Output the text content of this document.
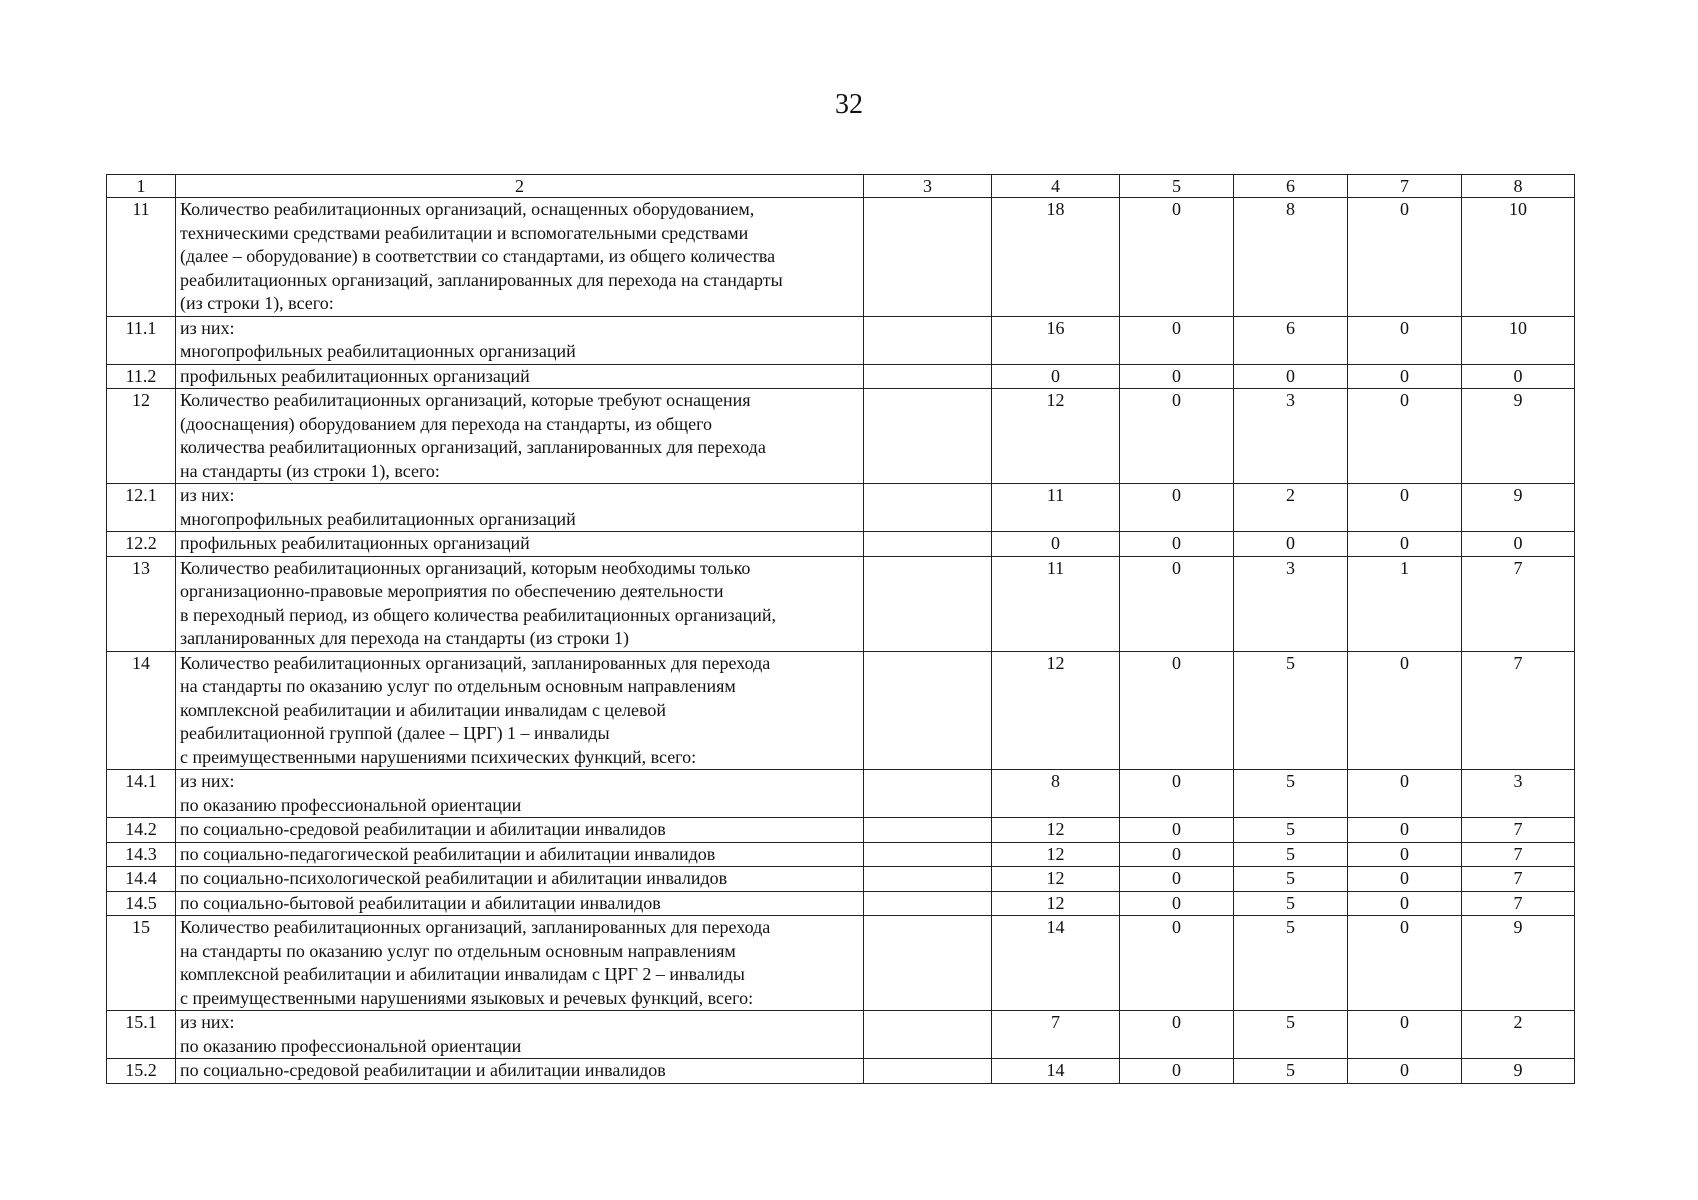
32
1	2	3	4	5	6	7	8
11	Количество реабилитационных организаций, оснащенных оборудованием,
техническими средствами реабилитации и вспомогательными средствами
(далее – оборудование) в соответствии со стандартами, из общего количества
реабилитационных организаций, запланированных для перехода на стандарты
(из строки 1), всего:		18	0	8	0	10
11.1	из них:
многопрофильных реабилитационных организаций		16	0	6	0	10
11.2	профильных реабилитационных организаций		0	0	0	0	0
12	Количество реабилитационных организаций, которые требуют оснащения
(дооснащения) оборудованием для перехода на стандарты, из общего
количества реабилитационных организаций, запланированных для перехода
на стандарты (из строки 1), всего:		12	0	3	0	9
12.1	из них:
многопрофильных реабилитационных организаций		11	0	2	0	9
12.2	профильных реабилитационных организаций		0	0	0	0	0
13	Количество реабилитационных организаций, которым необходимы только
организационно-правовые мероприятия по обеспечению деятельности
в переходный период, из общего количества реабилитационных организаций,
запланированных для перехода на стандарты (из строки 1)		11	0	3	1	7
14	Количество реабилитационных организаций, запланированных для перехода
на стандарты по оказанию услуг по отдельным основным направлениям
комплексной реабилитации и абилитации инвалидам с целевой
реабилитационной группой (далее – ЦРГ) 1 – инвалиды
с преимущественными нарушениями психических функций, всего:		12	0	5	0	7
14.1	из них:
по оказанию профессиональной ориентации		8	0	5	0	3
14.2	по социально-средовой реабилитации и абилитации инвалидов		12	0	5	0	7
14.3	по социально-педагогической реабилитации и абилитации инвалидов		12	0	5	0	7
14.4	по социально-психологической реабилитации и абилитации инвалидов		12	0	5	0	7
14.5	по социально-бытовой реабилитации и абилитации инвалидов		12	0	5	0	7
15	Количество реабилитационных организаций, запланированных для перехода
на стандарты по оказанию услуг по отдельным основным направлениям
комплексной реабилитации и абилитации инвалидам с ЦРГ 2 – инвалиды
с преимущественными нарушениями языковых и речевых функций, всего:		14	0	5	0	9
15.1	из них:
по оказанию профессиональной ориентации		7	0	5	0	2
15.2	по социально-средовой реабилитации и абилитации инвалидов		14	0	5	0	9
